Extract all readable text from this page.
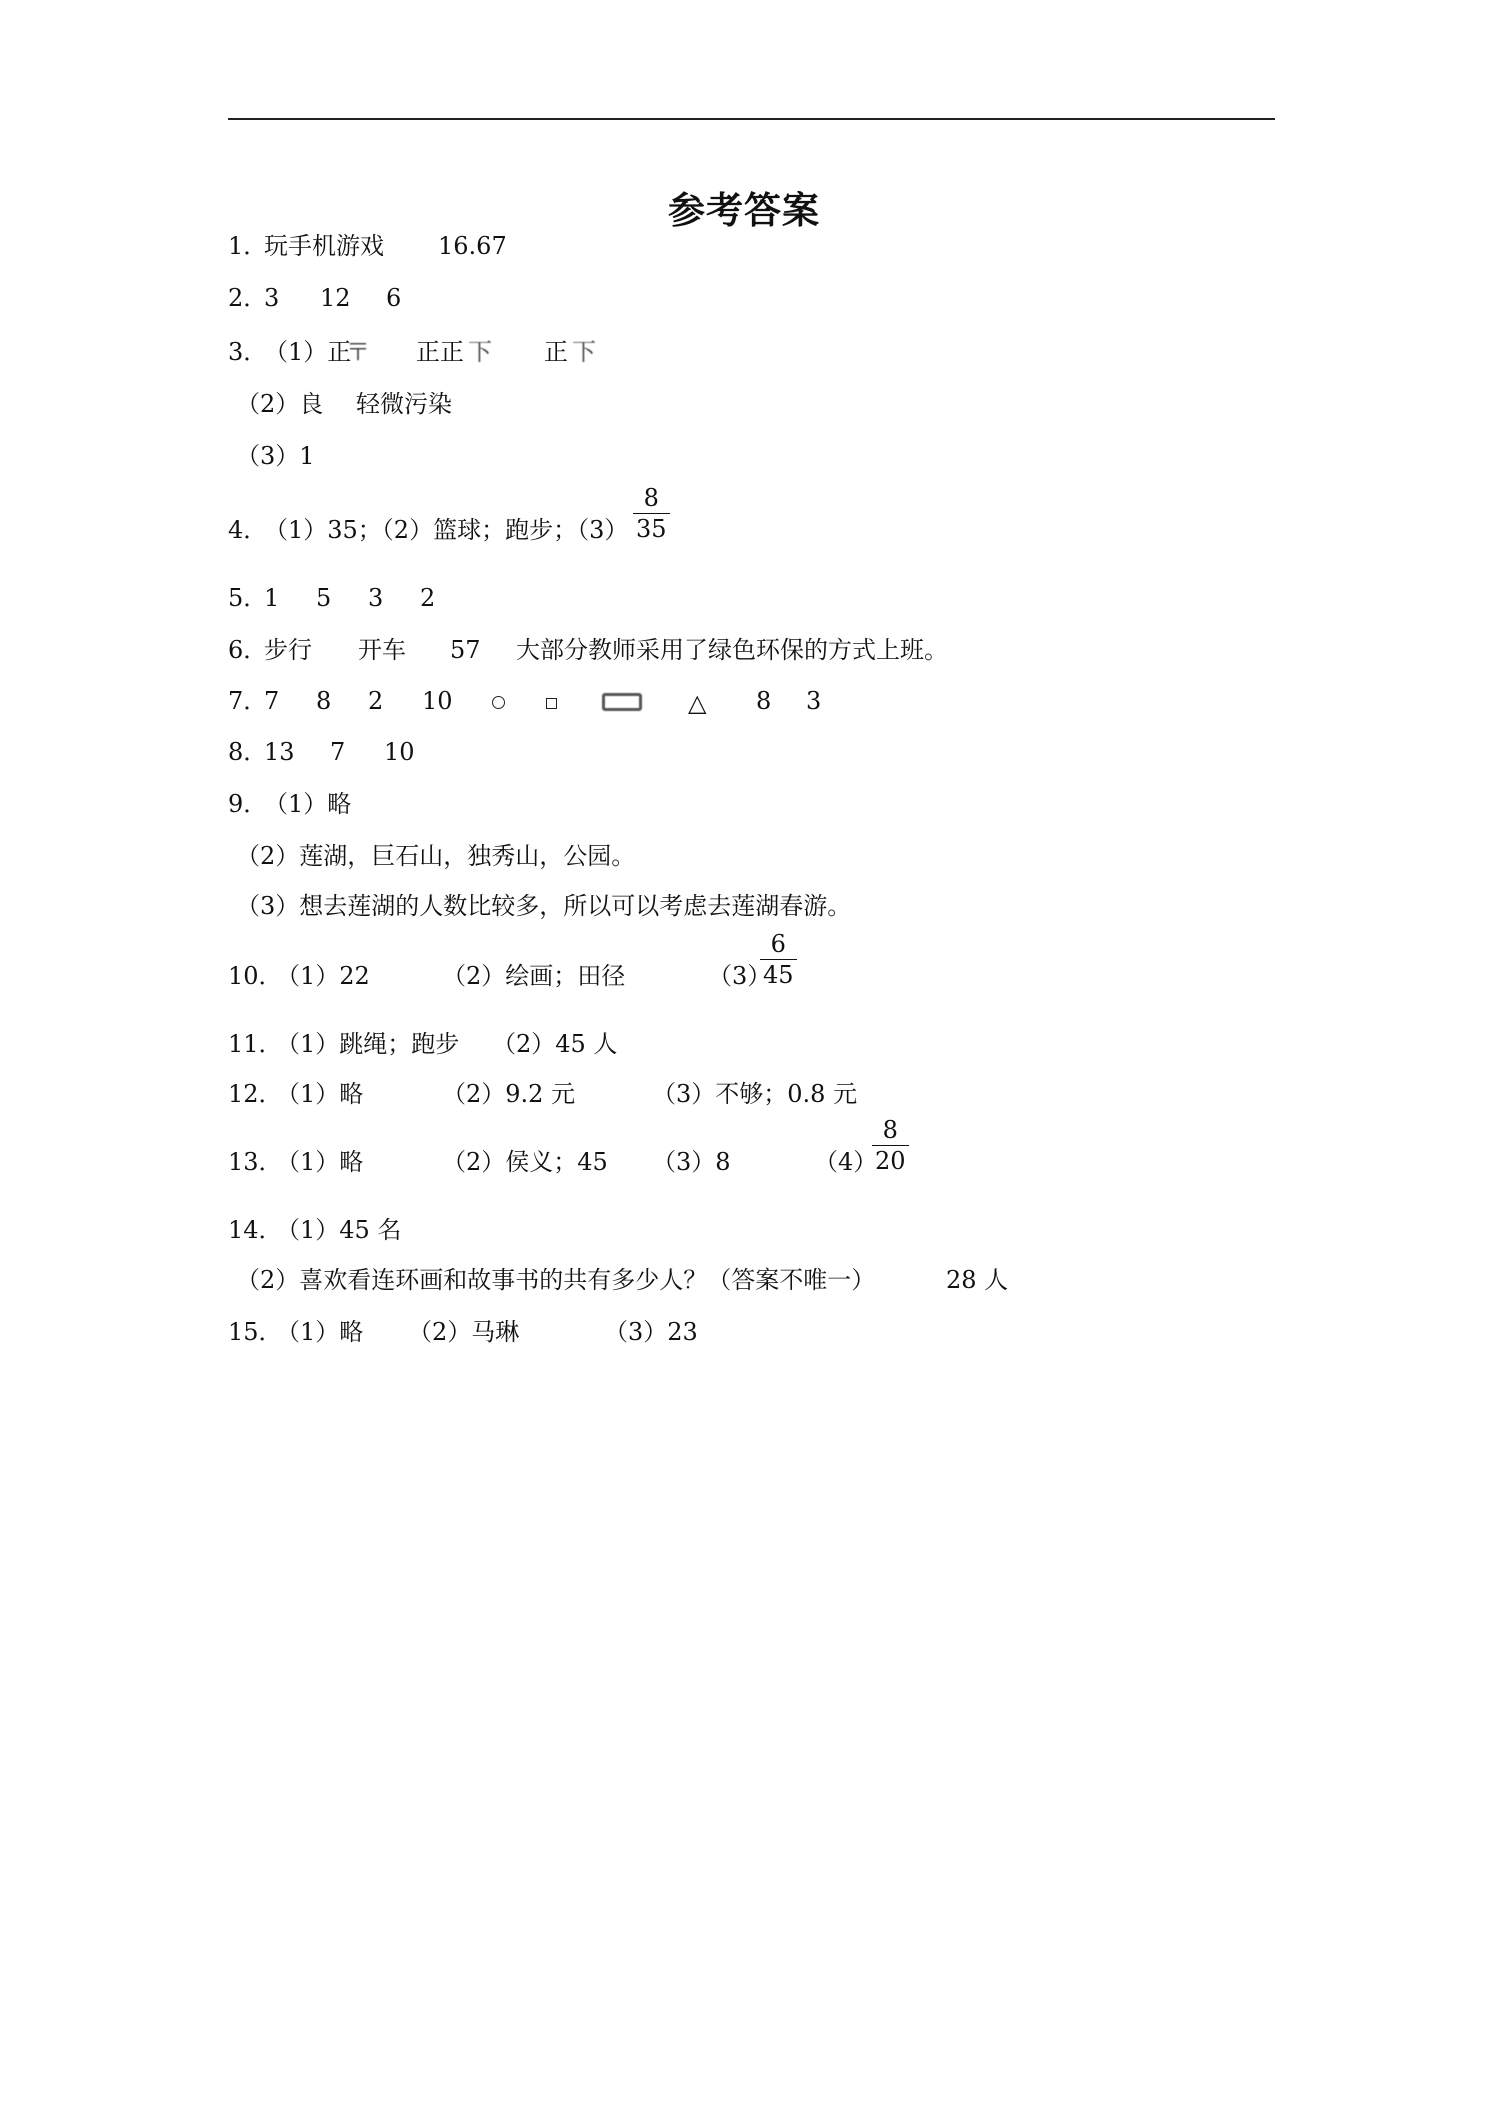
参考答案
1．
玩手机游戏 16.67
2．
3 12 6
3．
（1）正
〒 正正 下 正 下
（2）良 轻微污染
（3）1
4．
（1）35；（2）篮球；跑步；（3）
8
35
5．
1 5 3 2
6．
步行 开车 57 大部分教师采用了绿色环保的方式上班。
7．
7 8 2 10	△ 8 3
8．
13 7 10
9．
（1）略
（2）莲湖，巨石山，独秀山，公园。
（3）想去莲湖的人数比较多，所以可以考虑去莲湖春游。
10．
（1）22	（2）绘画；田径	（3）
6
45
11．
（1）跳绳；跑步 （2）45 人
12．
（1）略	（2）9.2 元	（3）不够；0.8 元
13．
（1）略	（2）侯义；45 （3）8	（4）
8
20
14．
（1）45 名
（2）喜欢看连环画和故事书的共有多少人？（答案不唯一）	28 人
15．
（1）略 （2）马琳	（3）23
